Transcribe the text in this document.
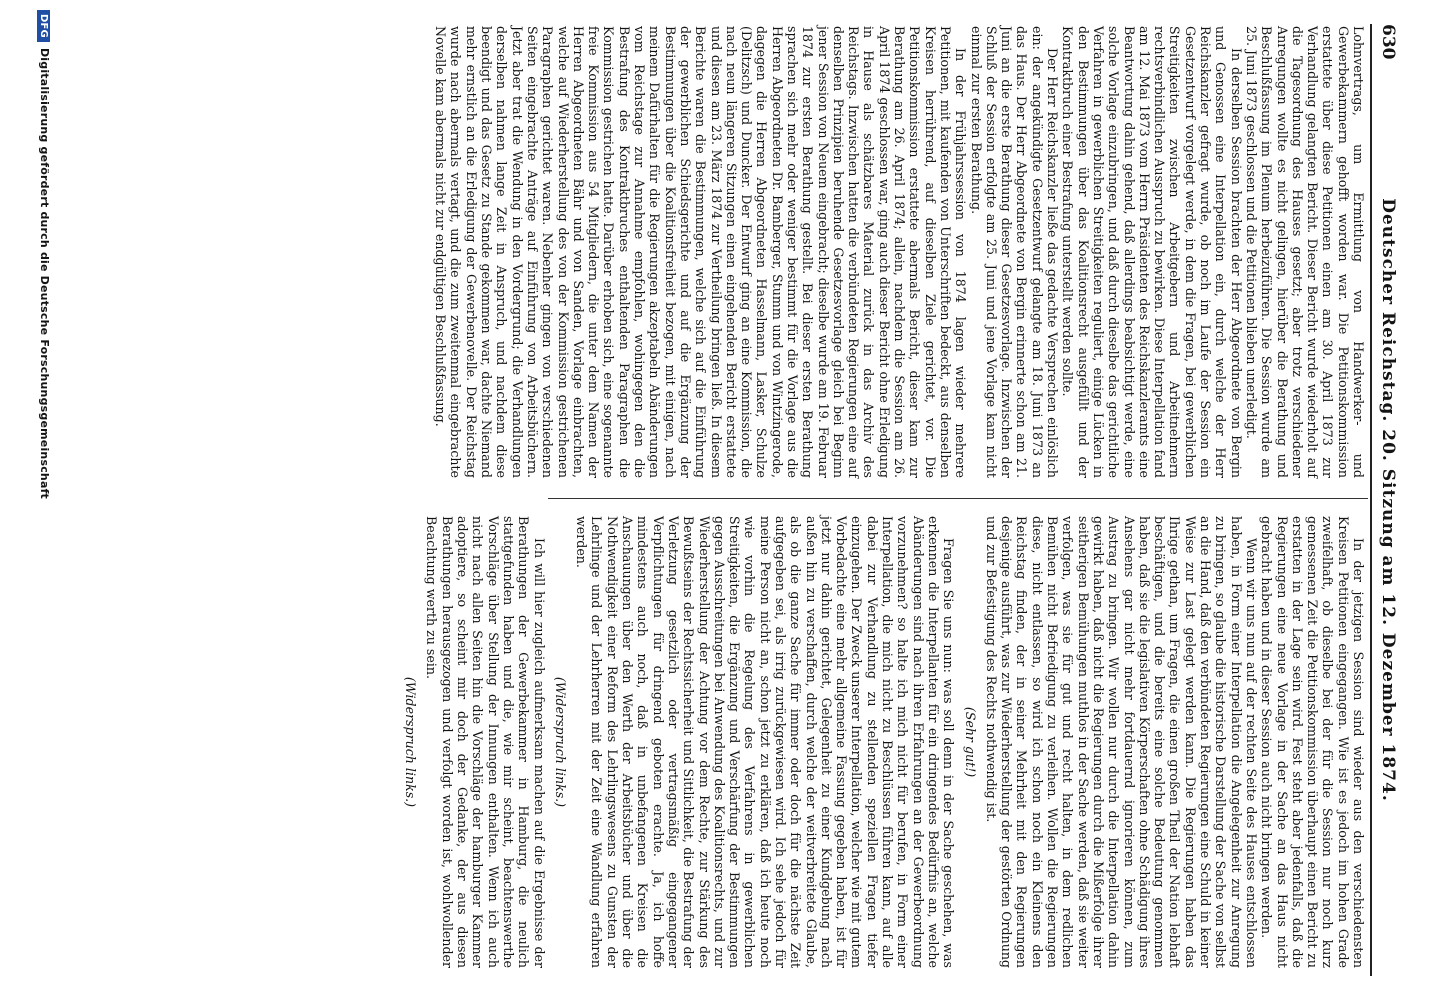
630
Deutscher Reichstag. 20. Sitzung am 12. Dezember 1874.

Lohnvertrags, um Ermittlung von Handwerker- und Gewerbekammern gehofft worden war. Die Petitionskommission erstattete über diese Petitionen einen am 30. April 1873 zur Verhandlung gelangten Bericht. Dieser Bericht wurde wiederholt auf die Tagesordnung des Hauses gesetzt; aber trotz verschiedener Anregungen wollte es nicht gelingen, hierüber die Berathung und Beschlußfassung im Plenum herbeizuführen. Die Session wurde am 25. Juni 1873 geschlossen und die Petitionen blieben unerledigt.

In derselben Session brachten der Herr Abgeordnete von Bergin und Genossen eine Interpellation ein, durch welche der Herr Reichskanzler gefragt wurde, ob noch im Laufe der Session ein Gesetzentwurf vorgelegt werde, in dem die Fragen, bei gewerblichen Streitigkeiten zwischen Arbeitgebern und Arbeitnehmern rechtsverbindlichen Ausspruch zu bewirken. Diese Interpellation fand am 12. Mai 1873 vom Herrn Präsidenten des Reichskanzleramts eine Beantwortung dahin gehend, daß allerdings beabsichtigt werde, eine solche Vorlage einzubringen, und daß durch dieselbe das gerichtliche Verfahren in gewerblichen Streitigkeiten reguliert, einige Lücken in den Bestimmungen über das Koalitionsrecht ausgefüllt und der Kontraktbruch einer Bestrafung unterstellt werden sollte.

Der Herr Reichskanzler ließe das gedachte Versprechen einlöslich ein: der angekündigte Gesetzentwurf gelangte am 18. Juni 1873 an das Haus. Der Herr Abgeordnete von Bergin erinnerte schon am 21. Juni an die erste Berathung dieser Gesetzesvorlage. Inzwischen der Schluß der Session erfolgte am 25. Juni und jene Vorlage kam nicht einmal zur ersten Berathung.

In der Frühjahrssession von 1874 lagen wieder mehrere Petitionen, mit kaufenden von Unterschriften bedeckt, aus denselben Kreisen herrührend, auf dieselben Ziele gerichtet, vor. Die Petitionskommission erstattete abermals Bericht, dieser kam zur Berathung am 26. April 1874; allein, nachdem die Session am 26. April 1874 geschlossen war, ging auch dieser Bericht ohne Erledigung in Hause als schätzbares Material zurück in das Archiv des Reichstags. Inzwischen hatten die verbündeten Regierungen eine auf denselben Prinzipien beruhende Gesetzesvorlage gleich bei Beginn jener Session von Neuem eingebracht; dieselbe wurde am 19. Februar 1874 zur ersten Berathung gestellt. Bei dieser ersten Berathung sprachen sich mehr oder weniger bestimmt für die Vorlage aus die Herren Abgeordneten Dr. Bamberger, Stumm und von Wintzingerode, dagegen die Herren Abgeordneten Hasselmann, Lasker, Schulze (Delitzsch) und Duncker. Der Entwurf ging an eine Kommission, die nach neun längeren Sitzungen einen eingehenden Bericht erstattete und diesen am 23. März 1874 zur Vertheilung bringen ließ. In diesem Berichte waren die Bestimmungen, welche sich auf die Einführung der gewerblichen Schiedsgerichte und auf die Ergänzung der Bestimmungen über die Koalitionsfreiheit bezogen, mit einigen, nach meinem Dafürhalten für die Regierungen akzeptabeln Abänderungen vom Reichstage zur Annahme empfohlen, wohingegen den die Bestrafung des Kontraktbruches enthaltenden Paragraphen die Kommission gestrichen hatte. Darüber erhoben sich, eine sogenannte freie Kommission aus 54 Mitgliedern, die unter dem Namen der Herren Abgeordneten Bähr und von Sanden, Vorlage einbrachten, welche auf Wiederherstellung des von der Kommission gestrichenen Paragraphen gerichtet waren. Nebenher gingen von verschiedenen Seiten eingebrachte Anträge auf Einführung von Arbeitsbüchern. Jetzt aber trat die Wendung in den Vordergrund; die Verhandlungen derselben nahmen lange Zeit in Anspruch, und nachdem diese beendigt und das Gesetz zu Stande gekommen war, dachte Niemand mehr ernstlich an die Erledigung der Gewerbenovelle. Der Reichstag wurde nach abermals vertagt, und die zum zweitenmal eingebrachte Novelle kam abermals nicht zur endgültigen Beschlußfassung.

In der jetzigen Session sind wieder aus den verschiedensten Kreisen Petitionen eingegangen. Wie ist es jedoch im hohen Grade zweifelhaft, ob dieselbe bei der für die Session nur noch kurz gemessenen Zeit die Petitionskommission überhaupt einen Bericht zu erstatten in der Lage sein wird. Fest steht aber jedenfalls, daß die Regierungen eine neue Vorlage in der Sache an das Haus nicht gebracht haben und in dieser Session auch nicht bringen werden.

Wenn wir uns nun auf der rechten Seite des Hauses entschlossen haben, in Form einer Interpellation die Angelegenheit zur Anregung zu bringen, so glaube die historische Darstellung der Sache von selbst an die Hand, daß den verbündeten Regierungen eine Schuld in keiner Weise zur Last gelegt werden kann. Die Regierungen haben das Ihrige gethan, um Fragen, die einen großen Theil der Nation lebhaft beschäftigen, und die bereits eine solche Bedeutung genommen haben, daß sie die legislativen Körperschaften ohne Schädigung ihres Ansehens gar nicht mehr fortdauernd ignorieren können, zum Austrag zu bringen. Wir wollen nur durch die Interpellation dahin gewirkt haben, daß nicht die Regierungen durch die Mißerfolge ihrer seitherigen Bemühungen muthlos in der Sache werden, daß sie weiter verfolgen, was sie für gut und recht halten, in dem redlichen Bemühen nicht Befriedigung zu verleihen. Wollen die Regierungen diese, nicht entlassen, so wird ich schon noch ein Kleinens den Reichstag finden, der in seiner Mehrheit mit den Regierungen desjenige ausführt, was zur Wiederherstellung der gestörten Ordnung und zur Befestigung des Rechts nothwendig ist.

(Sehr gut!)

Fragen Sie uns nun: was soll denn in der Sache geschehen, was erkennen die Interpellanten für ein dringendes Bedürfnis an, welche Abänderungen sind nach ihren Erfahrungen an der Gewerbeordnung vorzunehmen? so halte ich mich nicht für berufen, in Form einer Interpellation, die mich nicht zu Beschlüssen führen kann, auf alle dabei zur Verhandlung zu stellenden speziellen Fragen tiefer einzugehen. Der Zweck unserer Interpellation, welcher wie mit gutem Vorbedachte eine mehr allgemeine Fassung gegeben haben, ist für jetzt nur dahin gerichtet, Gelegenheit zu einer Kundgebung nach außen hin zu verschaffen, durch welche der weitverbreitete Glaube, als ob die ganze Sache für immer oder doch für die nächste Zeit aufgegeben sei, als irrig zurückgewiesen wird. Ich sehe jedoch für meine Person nicht an, schon jetzt zu erklären, daß ich heute noch wie vorhin die Regelung des Verfahrens in gewerblichen Streitigkeiten, die Ergänzung und Verschärfung der Bestimmungen gegen Ausschreitungen bei Anwendung des Koalitionsrechts, und zur Wiederherstellung der Achtung vor dem Rechte, zur Stärkung des Bewußtseins der Rechtssicherheit und Sittlichkeit, die Bestrafung der Verletzung gesetzlich oder vertragsmäßig eingegangener Verpflichtungen für dringend geboten erachte. Ja, ich hoffe mindestens auch noch, daß in unbefangenen Kreisen die Anschauungen über den Werth der Arbeitsbücher und über die Nothwendigkeit einer Reform des Lehrlingswesens zu Gunsten der Lehrlinge und der Lehrherren mit der Zeit eine Wandlung erfahren werden.

(Widerspruch links.)

Ich will hier zugleich aufmerksam machen auf die Ergebnisse der Berathungen der Gewerbekammer in Hamburg, die neulich stattgefunden haben und die, wie mir scheint, beachtenswerthe Vorschläge über Stellung der Innungen enthalten. Wenn ich auch nicht nach allen Seiten hin die Vorschläge der hamburger Kammer adoptiere, so scheint mir doch der Gedanke, der aus diesen Berathungen herausgezogen und verfolgt worden ist, wohlwollender Beachtung werth zu sein.

(Widerspruch links.)

DFGDigitalisierung gefördert durch die Deutsche Forschungsgemeinschaft
